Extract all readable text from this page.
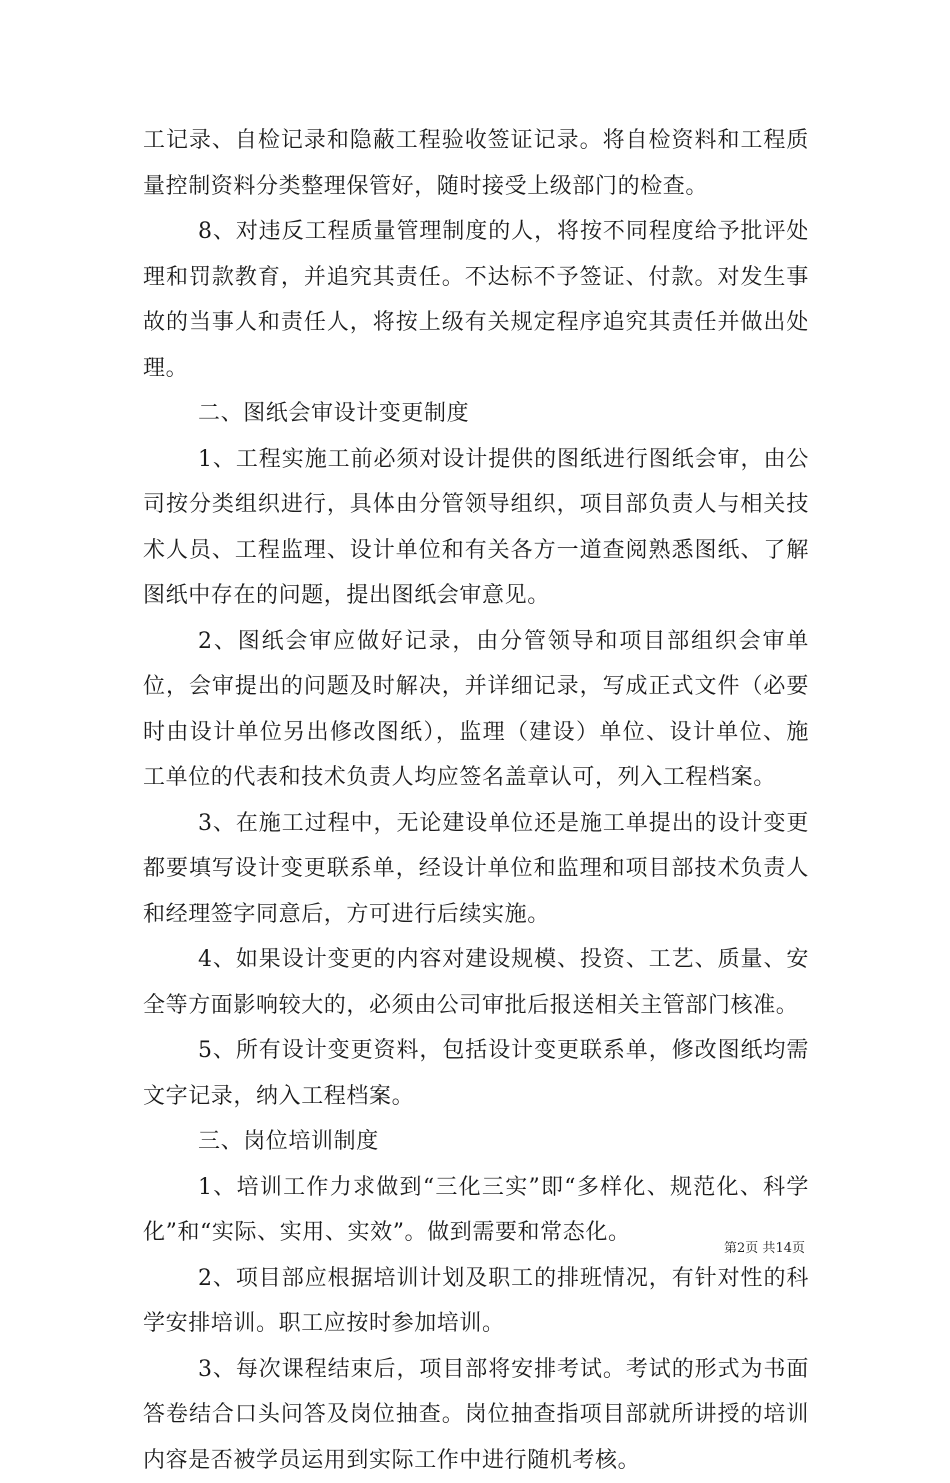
工记录、自检记录和隐蔽工程验收签证记录。将自检资料和工程质量控制资料分类整理保管好，随时接受上级部门的检查。

8、对违反工程质量管理制度的人，将按不同程度给予批评处理和罚款教育，并追究其责任。不达标不予签证、付款。对发生事故的当事人和责任人，将按上级有关规定程序追究其责任并做出处理。

二、图纸会审设计变更制度

1、工程实施工前必须对设计提供的图纸进行图纸会审，由公司按分类组织进行，具体由分管领导组织，项目部负责人与相关技术人员、工程监理、设计单位和有关各方一道查阅熟悉图纸、了解图纸中存在的问题，提出图纸会审意见。

2、图纸会审应做好记录，由分管领导和项目部组织会审单位，会审提出的问题及时解决，并详细记录，写成正式文件（必要时由设计单位另出修改图纸），监理（建设）单位、设计单位、施工单位的代表和技术负责人均应签名盖章认可，列入工程档案。

3、在施工过程中，无论建设单位还是施工单提出的设计变更都要填写设计变更联系单，经设计单位和监理和项目部技术负责人和经理签字同意后，方可进行后续实施。

4、如果设计变更的内容对建设规模、投资、工艺、质量、安全等方面影响较大的，必须由公司审批后报送相关主管部门核准。

5、所有设计变更资料，包括设计变更联系单，修改图纸均需文字记录，纳入工程档案。

三、岗位培训制度

1、培训工作力求做到“三化三实”即“多样化、规范化、科学化”和“实际、实用、实效”。做到需要和常态化。

2、项目部应根据培训计划及职工的排班情况，有针对性的科学安排培训。职工应按时参加培训。

3、每次课程结束后，项目部将安排考试。考试的形式为书面答卷结合口头问答及岗位抽查。岗位抽查指项目部就所讲授的培训内容是否被学员运用到实际工作中进行随机考核。

第2页 共14页
